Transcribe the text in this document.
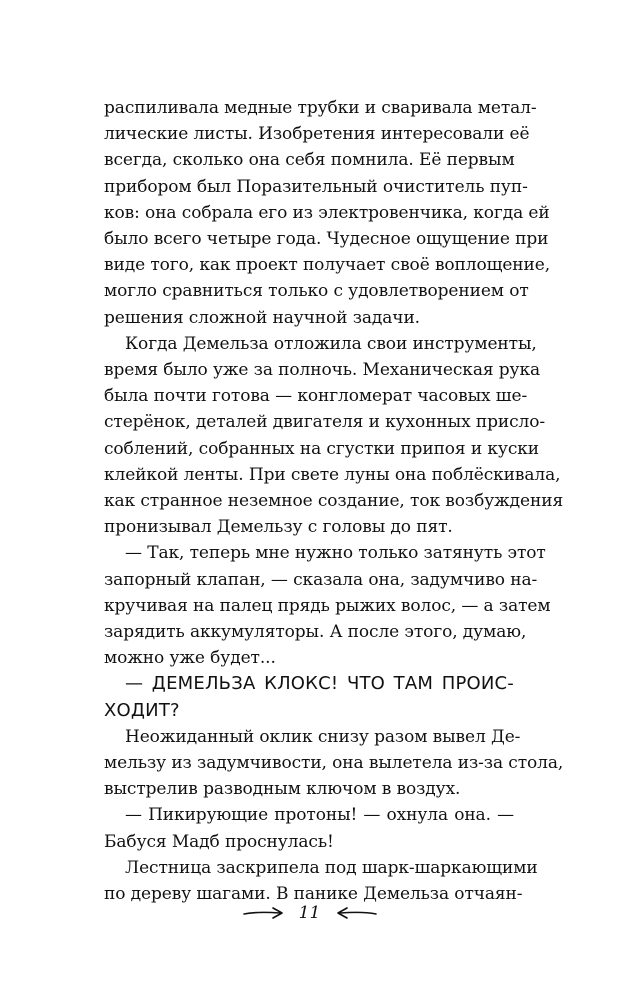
распиливала медные трубки и сваривала метал-
лические листы. Изобретения интересовали её
всегда, сколько она себя помнила. Её первым
прибором был Поразительный очиститель пуп-
ков: она собрала его из электровенчика, когда ей
было всего четыре года. Чудесное ощущение при
виде того, как проект получает своё воплощение,
могло сравниться только с удовлетворением от
решения сложной научной задачи.
Когда Демельза отложила свои инструменты,
время было уже за полночь. Механическая рука
была почти готова — конгломерат часовых ше-
стерёнок, деталей двигателя и кухонных присло-
соблений, собранных на сгустки припоя и куски
клейкой ленты. При свете луны она поблёскивала,
как странное неземное создание, ток возбуждения
пронизывал Демельзу с головы до пят.
— Так, теперь мне нужно только затянуть этот
запорный клапан, — сказала она, задумчиво на-
кручивая на палец прядь рыжих волос, — а затем
зарядить аккумуляторы. А после этого, думаю,
можно уже будет...
— ДЕМЕЛЬЗА КЛОКС! ЧТО ТАМ ПРОИС-
ХОДИТ?
Неожиданный оклик снизу разом вывел Де-
мельзу из задумчивости, она вылетела из-за стола,
выстрелив разводным ключом в воздух.
— Пикирующие протоны! — охнула она. —
Бабуся Мадб проснулась!
Лестница заскрипела под шарк-шаркающими
по дереву шагами. В панике Демельза отчаян-
11
